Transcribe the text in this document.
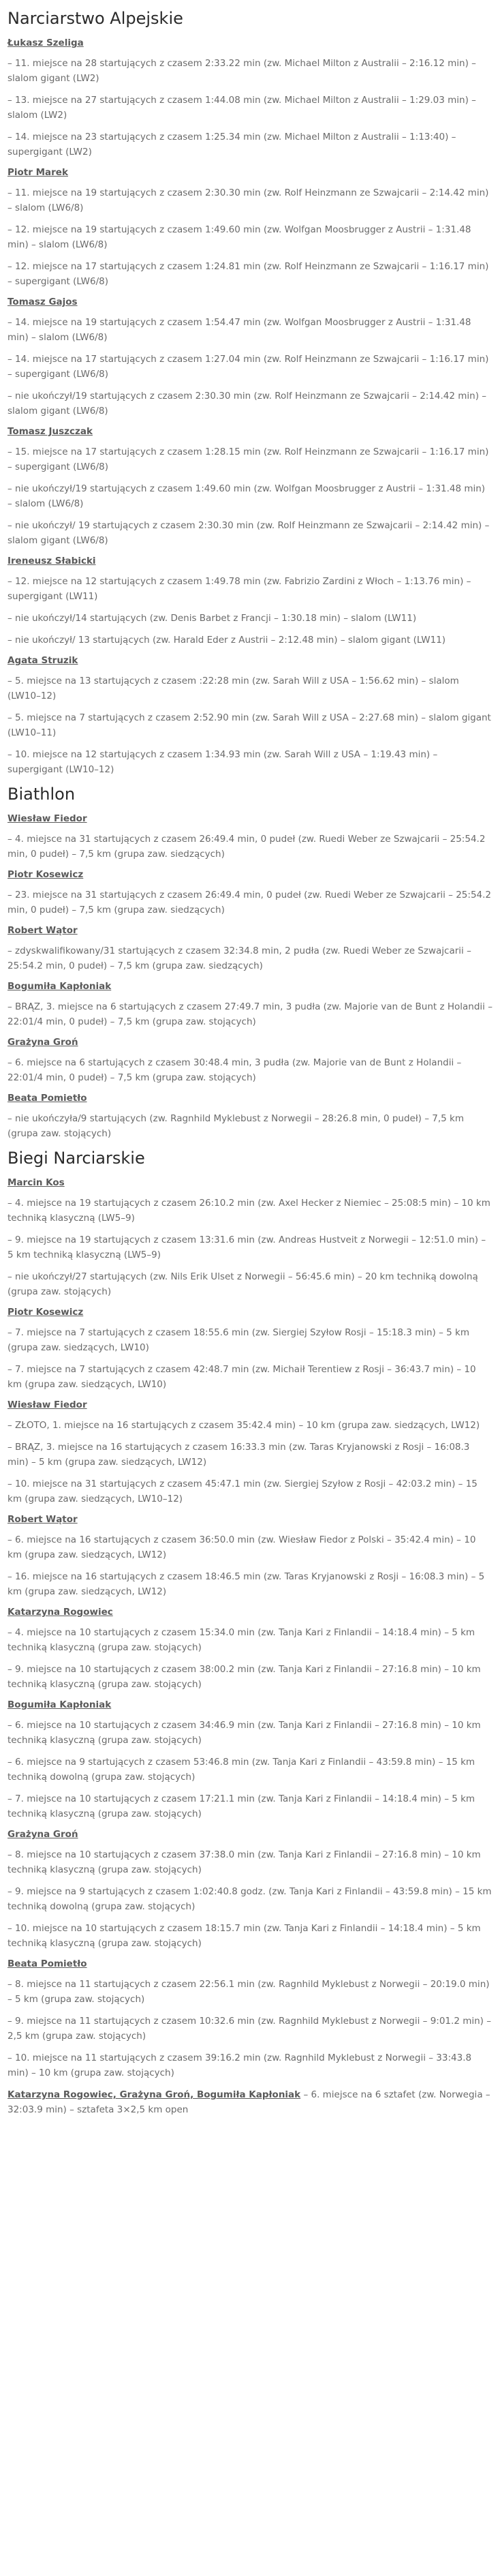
Narciarstwo Alpejskie
Łukasz Szeliga
– 11. miejsce na 28 startujących z czasem 2:33.22 min (zw. Michael Milton z Australii – 2:16.12 min) – slalom gigant (LW2)
– 13. miejsce na 27 startujących z czasem 1:44.08 min (zw. Michael Milton z Australii – 1:29.03 min) – slalom (LW2)
– 14. miejsce na 23 startujących z czasem 1:25.34 min (zw. Michael Milton z Australii – 1:13:40) – supergigant (LW2)
Piotr Marek
– 11. miejsce na 19 startujących z czasem 2:30.30 min (zw. Rolf Heinzmann ze Szwajcarii – 2:14.42 min) – slalom (LW6/8)
– 12. miejsce na 19 startujących z czasem 1:49.60 min (zw. Wolfgan Moosbrugger z Austrii – 1:31.48 min) – slalom (LW6/8)
– 12. miejsce na 17 startujących z czasem 1:24.81 min (zw. Rolf Heinzmann ze Szwajcarii – 1:16.17 min) – supergigant (LW6/8)
Tomasz Gajos
– 14. miejsce na 19 startujących z czasem 1:54.47 min (zw. Wolfgan Moosbrugger z Austrii – 1:31.48 min) – slalom (LW6/8)
– 14. miejsce na 17 startujących z czasem 1:27.04 min (zw. Rolf Heinzmann ze Szwajcarii – 1:16.17 min) – supergigant (LW6/8)
– nie ukończył/19 startujących z czasem 2:30.30 min (zw. Rolf Heinzmann ze Szwajcarii – 2:14.42 min) – slalom gigant (LW6/8)
Tomasz Juszczak
– 15. miejsce na 17 startujących z czasem 1:28.15 min (zw. Rolf Heinzmann ze Szwajcarii – 1:16.17 min) – supergigant (LW6/8)
– nie ukończył/19 startujących z czasem 1:49.60 min (zw. Wolfgan Moosbrugger z Austrii – 1:31.48 min) – slalom (LW6/8)
– nie ukończył/ 19 startujących z czasem 2:30.30 min (zw. Rolf Heinzmann ze Szwajcarii – 2:14.42 min) – slalom gigant (LW6/8)
Ireneusz Słabicki
– 12. miejsce na 12 startujących z czasem 1:49.78 min (zw. Fabrizio Zardini z Włoch – 1:13.76 min) – supergigant (LW11)
– nie ukończył/14 startujących (zw. Denis Barbet z Francji – 1:30.18 min) – slalom (LW11)
– nie ukończył/ 13 startujących (zw. Harald Eder z Austrii – 2:12.48 min) – slalom gigant (LW11)
Agata Struzik
– 5. miejsce na 13 startujących z czasem :22:28 min (zw. Sarah Will z USA – 1:56.62 min) – slalom (LW10–12)
– 5. miejsce na 7 startujących z czasem 2:52.90 min (zw. Sarah Will z USA – 2:27.68 min) – slalom gigant (LW10–11)
– 10. miejsce na 12 startujących z czasem 1:34.93 min (zw. Sarah Will z USA – 1:19.43 min) – supergigant (LW10–12)
Biathlon
Wiesław Fiedor
– 4. miejsce na 31 startujących z czasem 26:49.4 min, 0 pudeł (zw. Ruedi Weber ze Szwajcarii – 25:54.2 min, 0 pudeł) – 7,5 km (grupa zaw. siedzących)
Piotr Kosewicz
– 23. miejsce na 31 startujących z czasem 26:49.4 min, 0 pudeł (zw. Ruedi Weber ze Szwajcarii – 25:54.2 min, 0 pudeł) – 7,5 km (grupa zaw. siedzących)
Robert Wątor
– zdyskwalifikowany/31 startujących z czasem 32:34.8 min, 2 pudła (zw. Ruedi Weber ze Szwajcarii – 25:54.2 min, 0 pudeł) – 7,5 km (grupa zaw. siedzących)
Bogumiła Kapłoniak
– BRĄZ, 3. miejsce na 6 startujących z czasem 27:49.7 min, 3 pudła (zw. Majorie van de Bunt z Holandii – 22:01/4 min, 0 pudeł) – 7,5 km (grupa zaw. stojących)
Grażyna Groń
– 6. miejsce na 6 startujących z czasem 30:48.4 min, 3 pudła (zw. Majorie van de Bunt z Holandii – 22:01/4 min, 0 pudeł) – 7,5 km (grupa zaw. stojących)
Beata Pomietło
– nie ukończyła/9 startujących (zw. Ragnhild Myklebust z Norwegii – 28:26.8 min, 0 pudeł) – 7,5 km (grupa zaw. stojących)
Biegi Narciarskie
Marcin Kos
– 4. miejsce na 19 startujących z czasem 26:10.2 min (zw. Axel Hecker z Niemiec – 25:08:5 min) – 10 km techniką klasyczną (LW5–9)
– 9. miejsce na 19 startujących z czasem 13:31.6 min (zw. Andreas Hustveit z Norwegii – 12:51.0 min) – 5 km techniką klasyczną (LW5–9)
– nie ukończył/27 startujących (zw. Nils Erik Ulset z Norwegii – 56:45.6 min) – 20 km techniką dowolną (grupa zaw. stojących)
Piotr Kosewicz
– 7. miejsce na 7 startujących z czasem 18:55.6 min (zw. Siergiej Szyłow Rosji – 15:18.3 min) – 5 km (grupa zaw. siedzących, LW10)
– 7. miejsce na 7 startujących z czasem 42:48.7 min (zw. Michaił Terentiew z Rosji – 36:43.7 min) – 10 km (grupa zaw. siedzących, LW10)
Wiesław Fiedor
– ZŁOTO, 1. miejsce na 16 startujących z czasem 35:42.4 min) – 10 km (grupa zaw. siedzących, LW12)
– BRĄZ, 3. miejsce na 16 startujących z czasem 16:33.3 min (zw. Taras Kryjanowski z Rosji – 16:08.3 min) – 5 km (grupa zaw. siedzących, LW12)
– 10. miejsce na 31 startujących z czasem 45:47.1 min (zw. Siergiej Szyłow z Rosji – 42:03.2 min) – 15 km (grupa zaw. siedzących, LW10–12)
Robert Wątor
– 6. miejsce na 16 startujących z czasem 36:50.0 min (zw. Wiesław Fiedor z Polski – 35:42.4 min) – 10 km (grupa zaw. siedzących, LW12)
– 16. miejsce na 16 startujących z czasem 18:46.5 min (zw. Taras Kryjanowski z Rosji – 16:08.3 min) – 5 km (grupa zaw. siedzących, LW12)
Katarzyna Rogowiec
– 4. miejsce na 10 startujących z czasem 15:34.0 min (zw. Tanja Kari z Finlandii – 14:18.4 min) – 5 km techniką klasyczną (grupa zaw. stojących)
– 9. miejsce na 10 startujących z czasem 38:00.2 min (zw. Tanja Kari z Finlandii – 27:16.8 min) – 10 km techniką klasyczną (grupa zaw. stojących)
Bogumiła Kapłoniak
– 6. miejsce na 10 startujących z czasem 34:46.9 min (zw. Tanja Kari z Finlandii – 27:16.8 min) – 10 km techniką klasyczną (grupa zaw. stojących)
– 6. miejsce na 9 startujących z czasem 53:46.8 min (zw. Tanja Kari z Finlandii – 43:59.8 min) – 15 km techniką dowolną (grupa zaw. stojących)
– 7. miejsce na 10 startujących z czasem 17:21.1 min (zw. Tanja Kari z Finlandii – 14:18.4 min) – 5 km techniką klasyczną (grupa zaw. stojących)
Grażyna Groń
– 8. miejsce na 10 startujących z czasem 37:38.0 min (zw. Tanja Kari z Finlandii – 27:16.8 min) – 10 km techniką klasyczną (grupa zaw. stojących)
– 9. miejsce na 9 startujących z czasem 1:02:40.8 godz. (zw. Tanja Kari z Finlandii – 43:59.8 min) – 15 km techniką dowolną (grupa zaw. stojących)
– 10. miejsce na 10 startujących z czasem 18:15.7 min (zw. Tanja Kari z Finlandii – 14:18.4 min) – 5 km techniką klasyczną (grupa zaw. stojących)
Beata Pomietło
– 8. miejsce na 11 startujących z czasem 22:56.1 min (zw. Ragnhild Myklebust z Norwegii – 20:19.0 min) – 5 km (grupa zaw. stojących)
– 9. miejsce na 11 startujących z czasem 10:32.6 min (zw. Ragnhild Myklebust z Norwegii – 9:01.2 min) – 2,5 km (grupa zaw. stojących)
– 10. miejsce na 11 startujących z czasem 39:16.2 min (zw. Ragnhild Myklebust z Norwegii – 33:43.8 min) – 10 km (grupa zaw. stojących)
Katarzyna Rogowiec, Grażyna Groń, Bogumiła Kapłoniak – 6. miejsce na 6 sztafet (zw. Norwegia – 32:03.9 min) – sztafeta 3×2,5 km open
